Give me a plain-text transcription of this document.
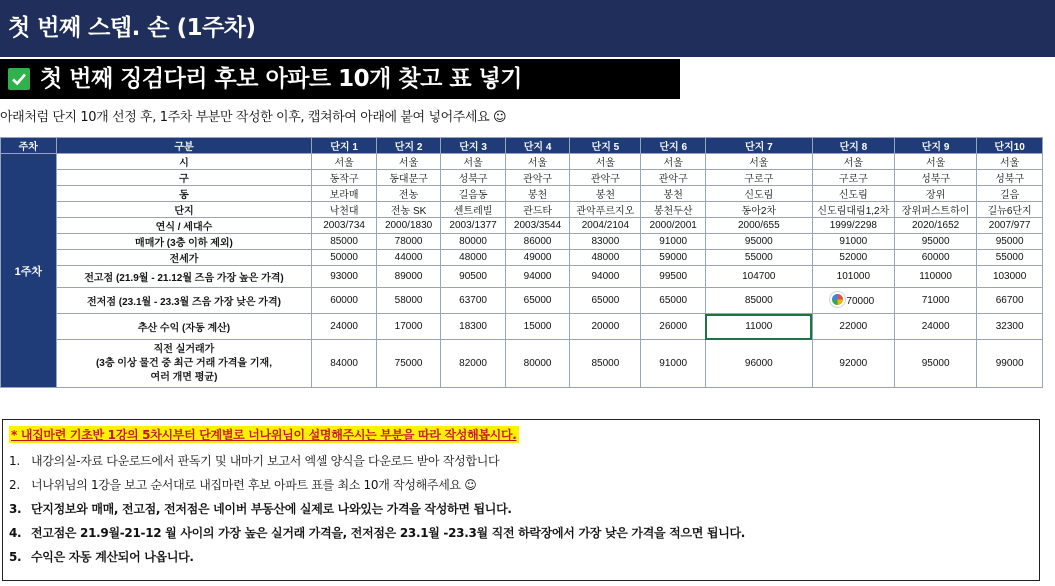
첫 번째 스텝. 손 (1주차)
첫 번째 징검다리 후보 아파트 10개 찾고 표 넣기
아래처럼 단지 10개 선정 후, 1주차 부분만 작성한 이후, 캡쳐하여 아래에 붙여 넣어주세요 ☺
주차	구분	단지 1	단지 2	단지 3	단지 4	단지 5	단지 6	단지 7	단지 8	단지 9	단지10
1주차	시	서울	서울	서울	서울	서울	서울	서울	서울	서울	서울
	구	동작구	동대문구	성북구	관악구	관악구	관악구	구로구	구로구	성북구	성북구
	동	보라매	전농	길음동	봉천	봉천	봉천	신도림	신도림	장위	길음
	단지	낙천대	전농 SK	센트레빌	관드타	관악푸르지오	봉천두산	동아2차	신도림대림1,2차	장위퍼스트하이	길뉴6단지
	연식 / 세대수	2003/734	2000/1830	2003/1377	2003/3544	2004/2104	2000/2001	2000/655	1999/2298	2020/1652	2007/977
	매매가 (3층 이하 제외)	85000	78000	80000	86000	83000	91000	95000	91000	95000	95000
	전세가	50000	44000	48000	49000	48000	59000	55000	52000	60000	55000
	전고점 (21.9월 - 21.12월 즈음 가장 높은 가격)	93000	89000	90500	94000	94000	99500	104700	101000	110000	103000
	전저점 (23.1월 - 23.3월 즈음 가장 낮은 가격)	60000	58000	63700	65000	65000	65000	85000	70000	71000	66700
	추산 수익 (자동 계산)	24000	17000	18300	15000	20000	26000	11000	22000	24000	32300

	직전 실거래가
(3층 이상 물건 중 최근 거래 가격을 기재,
여러 개면 평균)	84000	75000	82000	80000	85000	91000	96000	92000	95000	99000
* 내집마련 기초반 1강의 5차시부터 단계별로 너나위님이 설명해주시는 부분을 따라 작성해봅시다.
1. 내강의실-자료 다운로드에서 판독기 및 내마기 보고서 엑셀 양식을 다운로드 받아 작성합니다
2. 너나위님의 1강을 보고 순서대로 내집마련 후보 아파트 표를 최소 10개 작성해주세요 ☺
3. 단지정보와 매매, 전고점, 전저점은 네이버 부동산에 실제로 나와있는 가격을 작성하면 됩니다.
4. 전고점은 21.9월-21-12 월 사이의 가장 높은 실거래 가격을, 전저점은 23.1월 -23.3월 직전 하락장에서 가장 낮은 가격을 적으면 됩니다.
5. 수익은 자동 계산되어 나옵니다.
